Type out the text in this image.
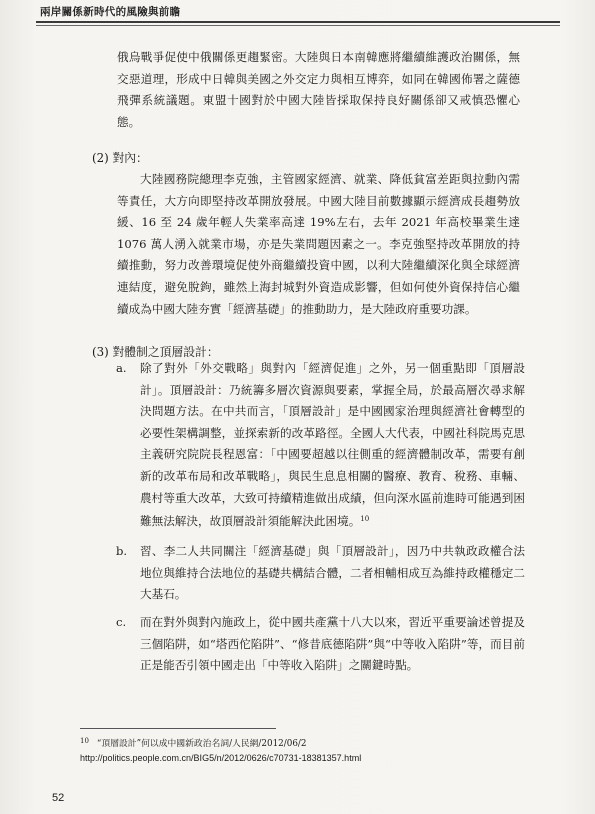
兩岸關係新時代的風險與前瞻
俄烏戰爭促使中俄關係更趨緊密。大陸與日本南韓應將繼續維護政治關係，無交惡道理，形成中日韓與美國之外交定力與相互博弈，如同在韓國佈署之薩德飛彈系統議題。東盟十國對於中國大陸皆採取保持良好關係卻又戒慎恐懼心態。
(2) 對內：
大陸國務院總理李克強，主管國家經濟、就業、降低貧富差距與拉動內需等責任，大方向即堅持改革開放發展。中國大陸目前數據顯示經濟成長趨勢放緩、16 至 24 歲年輕人失業率高達 19%左右，去年 2021 年高校畢業生達 1076 萬人湧入就業市場，亦是失業問題因素之一。李克強堅持改革開放的持續推動，努力改善環境促使外商繼續投資中國，以利大陸繼續深化與全球經濟連結度，避免脫鉤，雖然上海封城對外資造成影響，但如何使外資保持信心繼續成為中國大陸夯實「經濟基礎」的推動助力，是大陸政府重要功課。
(3) 對體制之頂層設計：
a. 除了對外「外交戰略」與對內「經濟促進」之外，另一個重點即「頂層設計」。頂層設計：乃統籌多層次資源與要素，掌握全局，於最高層次尋求解決問題方法。在中共而言，「頂層設計」是中國國家治理與經濟社會轉型的必要性架構調整，並探索新的改革路徑。全國人大代表，中國社科院馬克思主義研究院院長程恩富：「中國要超越以往側重的經濟體制改革，需要有創新的改革布局和改革戰略」，與民生息息相關的醫療、教育、稅務、車輛、農村等重大改革，大致可持續精進做出成績，但向深水區前進時可能遇到困難無法解決，故頂層設計須能解決此困境。$^{10}$
b. 習、李二人共同關注「經濟基礎」與「頂層設計」，因乃中共執政政權合法地位與維持合法地位的基礎共構結合體，二者相輔相成互為維持政權穩定二大基石。
c. 而在對外與對內施政上，從中國共產黨十八大以來，習近平重要論述曾提及三個陷阱，如“塔西佗陷阱”、“修昔底德陷阱”與“中等收入陷阱”等，而目前正是能否引領中國走出「中等收入陷阱」之關鍵時點。
$^{10}$ “頂層設計”何以成中國新政治名詞/人民網/2012/06/2
http://politics.people.com.cn/BIG5/n/2012/0626/c70731-18381357.html
52
